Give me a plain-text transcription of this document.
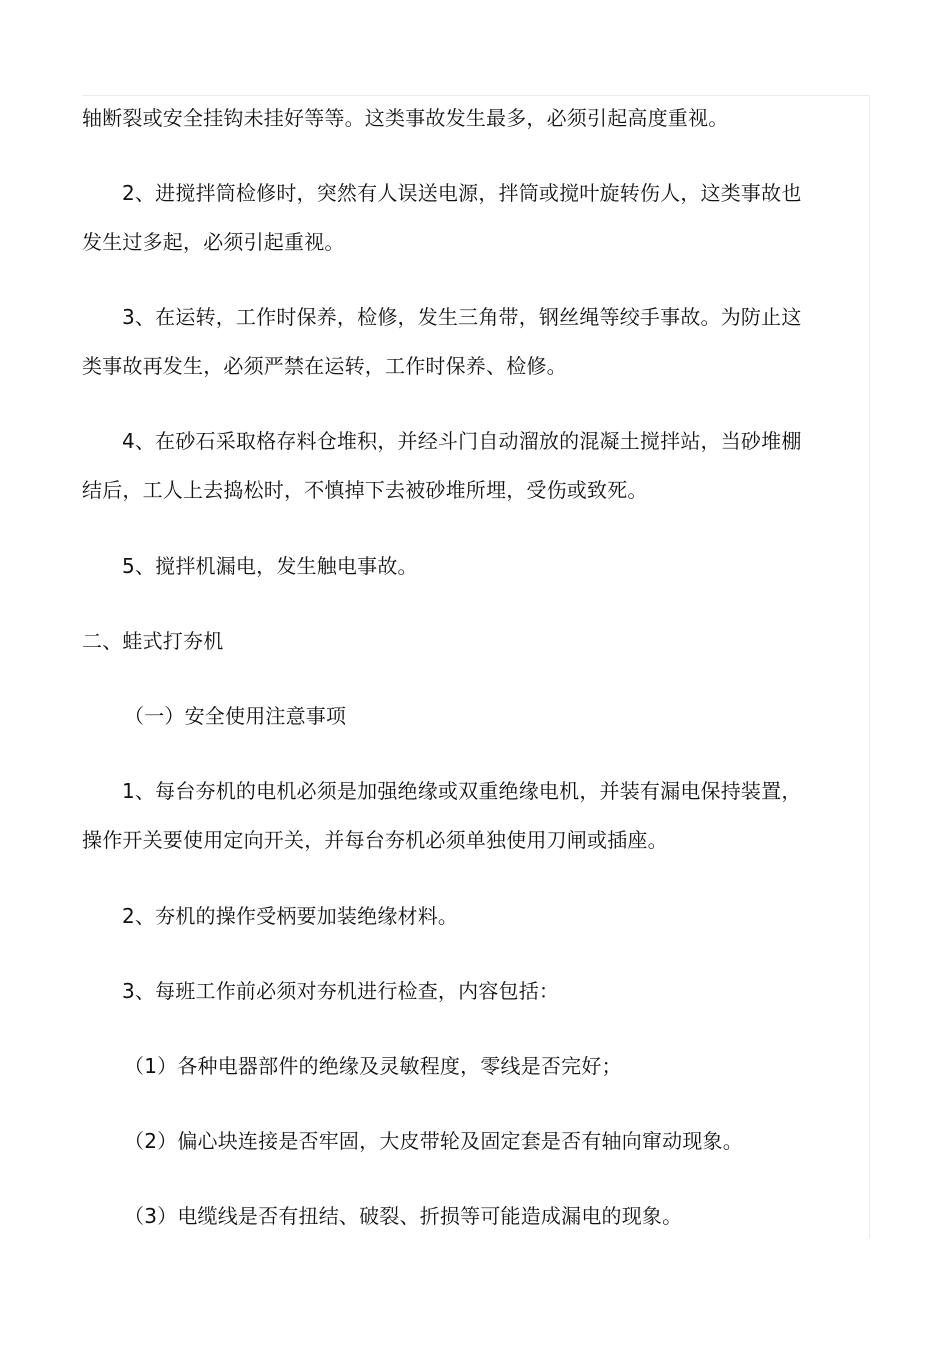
轴断裂或安全挂钩未挂好等等。这类事故发生最多，必须引起高度重视。
2、进搅拌筒检修时，突然有人误送电源，拌筒或搅叶旋转伤人，这类事故也
发生过多起，必须引起重视。
3、在运转，工作时保养，检修，发生三角带，钢丝绳等绞手事故。为防止这
类事故再发生，必须严禁在运转，工作时保养、检修。
4、在砂石采取格存料仓堆积，并经斗门自动溜放的混凝土搅拌站，当砂堆棚
结后，工人上去捣松时，不慎掉下去被砂堆所埋，受伤或致死。
5、搅拌机漏电，发生触电事故。
二、蛙式打夯机
（一）安全使用注意事项
1、每台夯机的电机必须是加强绝缘或双重绝缘电机，并装有漏电保持装置，
操作开关要使用定向开关，并每台夯机必须单独使用刀闸或插座。
2、夯机的操作受柄要加装绝缘材料。
3、每班工作前必须对夯机进行检查，内容包括：
（1）各种电器部件的绝缘及灵敏程度，零线是否完好；
（2）偏心块连接是否牢固，大皮带轮及固定套是否有轴向窜动现象。
（3）电缆线是否有扭结、破裂、折损等可能造成漏电的现象。
